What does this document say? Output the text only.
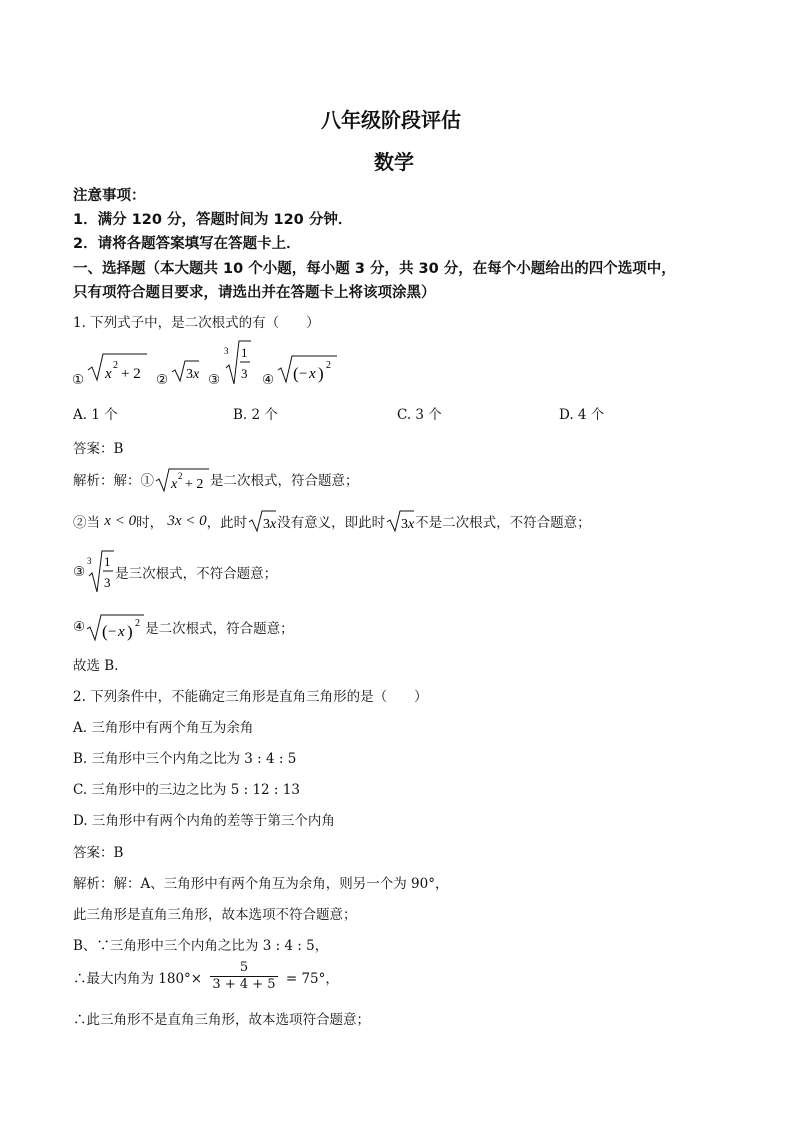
八年级阶段评估
数学
注意事项：
1．满分 120 分，答题时间为 120 分钟．
2．请将各题答案填写在答题卡上．
一、选择题（本大题共 10 个小题，每小题 3 分，共 30 分，在每个小题给出的四个选项中，
只有项符合题目要求，请选出并在答题卡上将该项涂黑）
1. 下列式子中，是二次根式的有（　　）
① x
2
+ 2 ② 3 x ③
3 1
3 ④ ( − x ) 2
A. 1 个	B. 2 个	C. 3 个	D. 4 个
答案：B
解析：解：① x
2
+ 2 是二次根式，符合题意；
②当 x < 0时， 3x < 0，此时 3 x 没有意义，即此时 3 x 不是二次根式，不符合题意；
③
3 1
3
是三次根式，不符合题意；
④ ( − x ) 2 是二次根式，符合题意；
故选 B．
2. 下列条件中，不能确定三角形是直角三角形的是（　　）
A. 三角形中有两个角互为余角
B. 三角形中三个内角之比为 3 : 4 : 5
C. 三角形中的三边之比为 5 : 12 : 13
D. 三角形中有两个内角的差等于第三个内角
答案：B
解析：解：A、三角形中有两个角互为余角，则另一个为 90°，
此三角形是直角三角形，故本选项不符合题意；
B、∵三角形中三个内角之比为 3 : 4 : 5，
∴最大内角为 $180^\circ\times \frac{5}{3 + 4 + 5} = 75^\circ$，
∴此三角形不是直角三角形，故本选项符合题意；
